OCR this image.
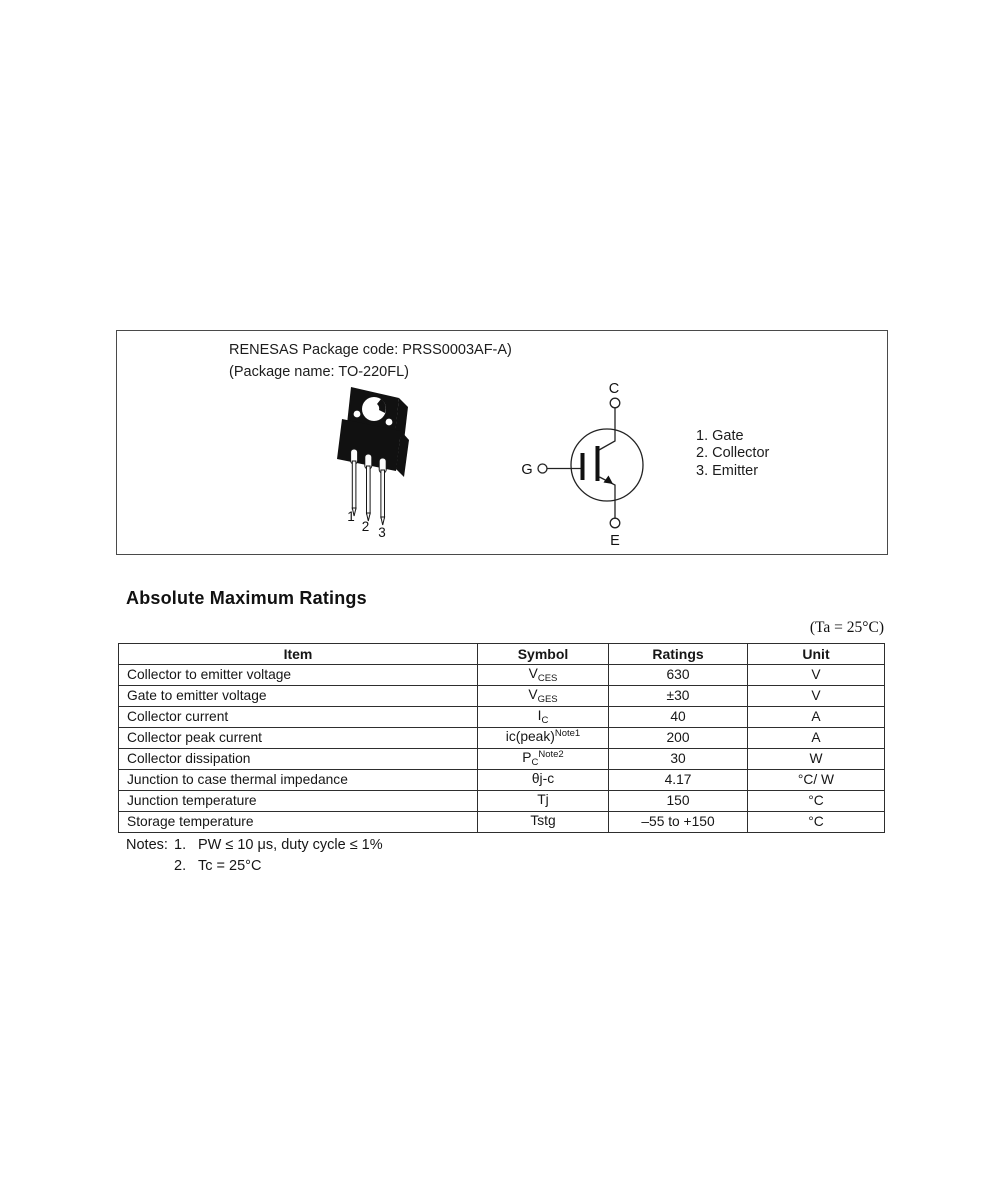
RENESAS Package code: PRSS0003AF-A)
(Package name: TO-220FL)
1
2 3
C
G
E
1. Gate
2. Collector
3. Emitter
Absolute Maximum Ratings
(Ta = 25°C)
Item	Symbol	Ratings	Unit
Collector to emitter voltage	$V_{CES}$	630	V
Gate to emitter voltage	$V_{GES}$	±30	V
Collector current	$I_C$	40	A
Collector peak current	ic(peak)$^{Note1}$	200	A
Collector dissipation	$P_C^{Note2}$	30	W
Junction to case thermal impedance	θj-c	4.17	°C/ W
Junction temperature	Tj	150	°C
Storage temperature	Tstg	–55 to +150	°C
Notes: 1. PW ≤ 10 μs, duty cycle ≤ 1%
2. Tc = 25°C
